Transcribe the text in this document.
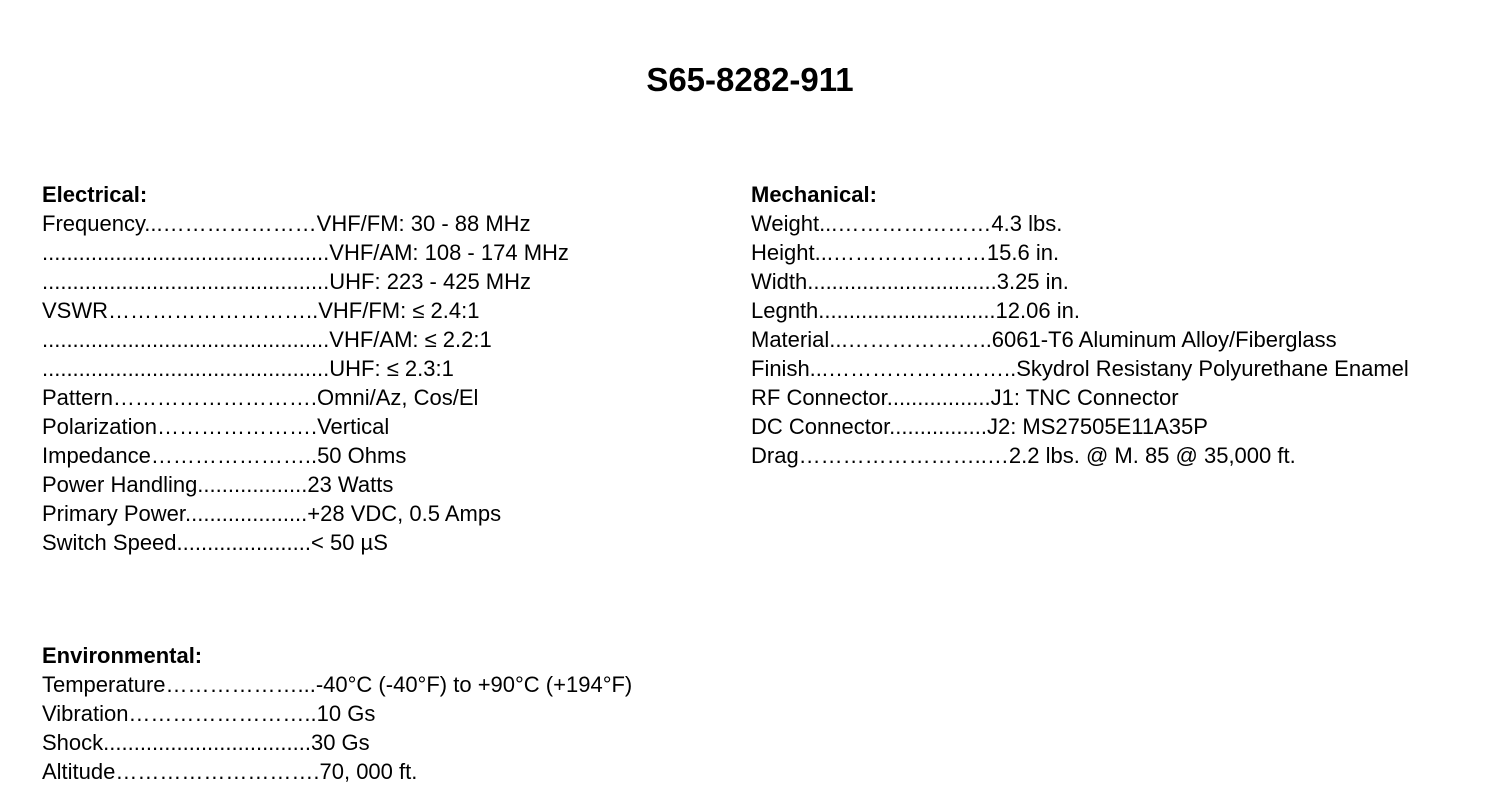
S65-8282-911
Electrical:
Frequency...…………………VHF/FM: 30 - 88 MHz
...............................................VHF/AM: 108 - 174 MHz
...............................................UHF: 223 - 425 MHz
VSWR………………………..VHF/FM: ≤ 2.4:1
...............................................VHF/AM: ≤ 2.2:1
...............................................UHF: ≤ 2.3:1
Pattern……………………….Omni/Az, Cos/El
Polarization………………….Vertical
Impedance…………………..50 Ohms
Power Handling..................23 Watts
Primary Power....................+28 VDC, 0.5 Amps
Switch Speed......................< 50 µS
Mechanical:
Weight...…………………4.3 lbs.
Height...…………………15.6 in.
Width...............................3.25 in.
Legnth.............................12.06 in.
Material...………………..6061-T6 Aluminum Alloy/Fiberglass
Finish...……………………..Skydrol Resistany Polyurethane Enamel
RF Connector.................J1: TNC Connector
DC Connector................J2: MS27505E11A35P
Drag……………………..…2.2 lbs. @ M. 85 @ 35,000 ft.
Environmental:
Temperature………………...-40°C (-40°F) to +90°C (+194°F)
Vibration……………………..10 Gs
Shock..................................30 Gs
Altitude……………………….70, 000 ft.
